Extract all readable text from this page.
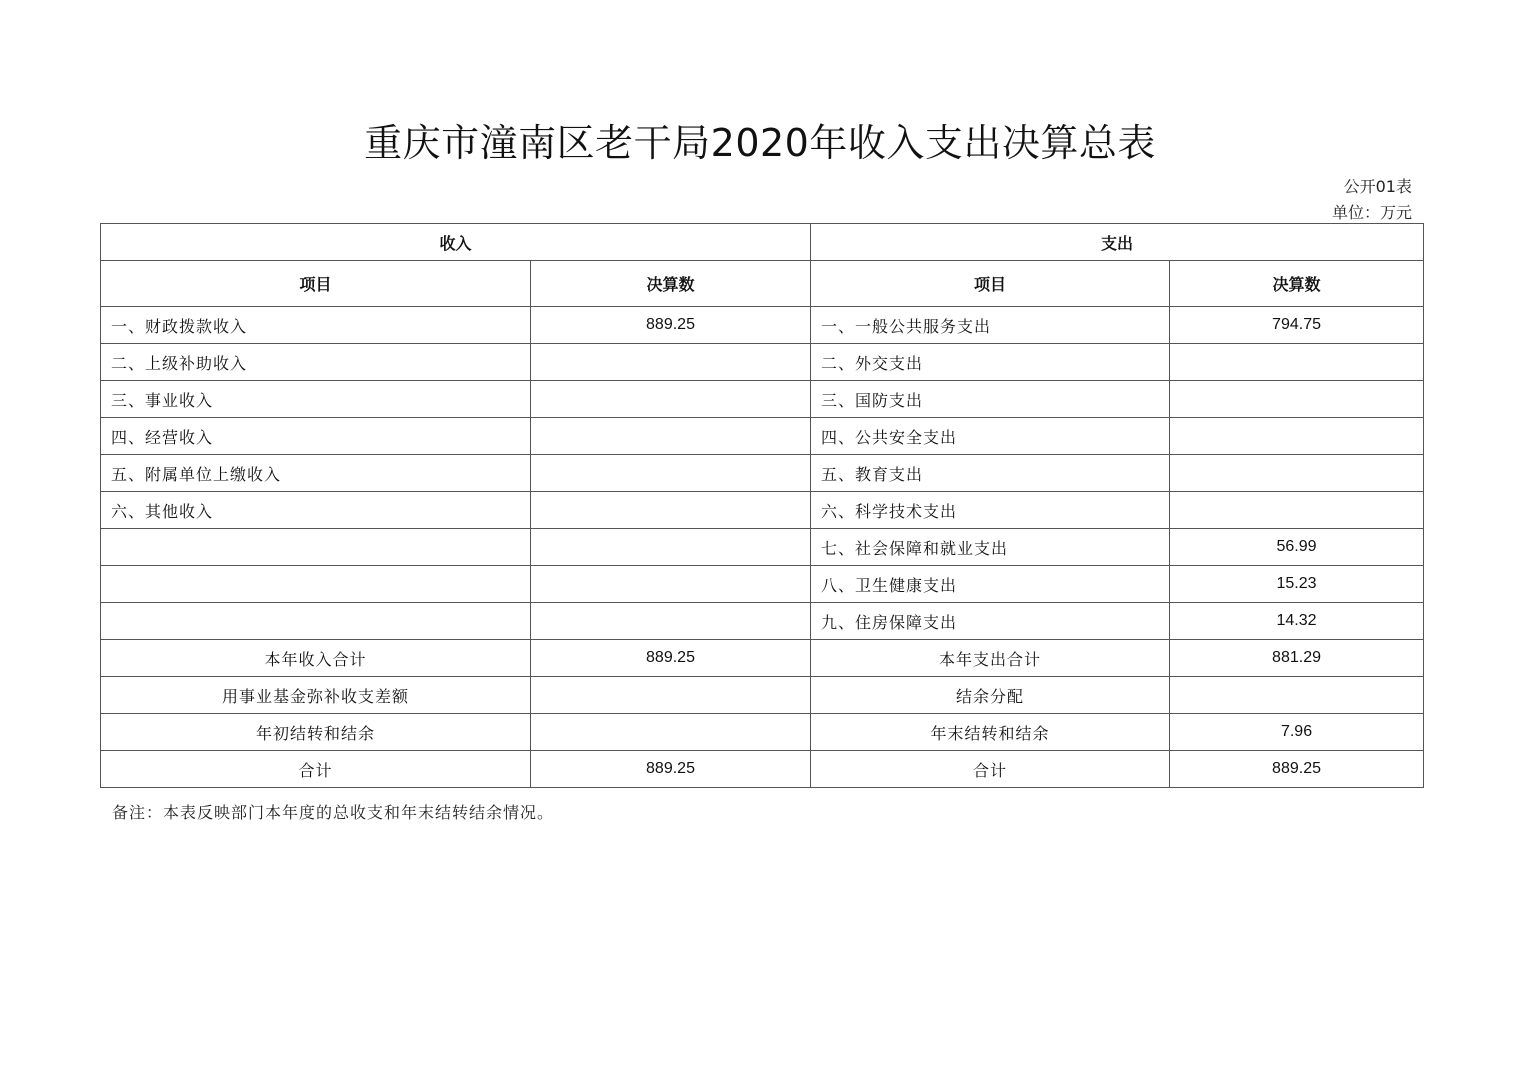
重庆市潼南区老干局2020年收入支出决算总表
公开01表
单位：万元
收入		支出	
项目	决算数	项目	决算数
一、财政拨款收入	889.25	一、一般公共服务支出	794.75
二、上级补助收入		二、外交支出	
三、事业收入		三、国防支出	
四、经营收入		四、公共安全支出	
五、附属单位上缴收入		五、教育支出	
六、其他收入		六、科学技术支出	
		七、社会保障和就业支出	56.99
		八、卫生健康支出	15.23
		九、住房保障支出	14.32
本年收入合计	889.25	本年支出合计	881.29
用事业基金弥补收支差额		结余分配	
年初结转和结余		年末结转和结余	7.96
合计	889.25	合计	889.25
备注：本表反映部门本年度的总收支和年末结转结余情况。
